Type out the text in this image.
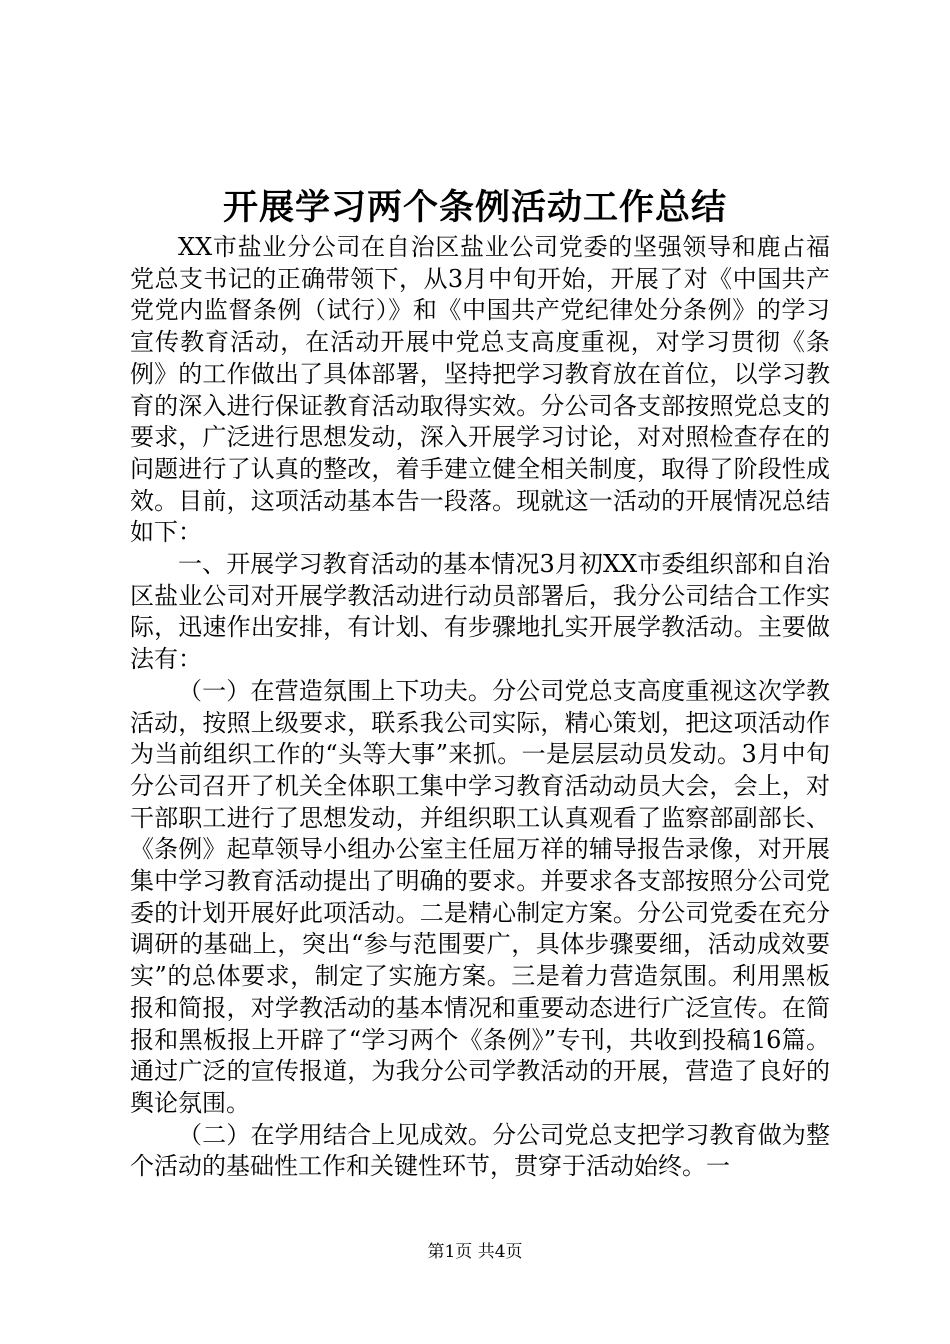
开展学习两个条例活动工作总结

XX市盐业分公司在自治区盐业公司党委的坚强领导和鹿占福党总支书记的正确带领下，从3月中旬开始，开展了对《中国共产党党内监督条例（试行）》和《中国共产党纪律处分条例》的学习宣传教育活动，在活动开展中党总支高度重视，对学习贯彻《条例》的工作做出了具体部署，坚持把学习教育放在首位，以学习教育的深入进行保证教育活动取得实效。分公司各支部按照党总支的要求，广泛进行思想发动，深入开展学习讨论，对对照检查存在的问题进行了认真的整改，着手建立健全相关制度，取得了阶段性成效。目前，这项活动基本告一段落。现就这一活动的开展情况总结如下：

一、开展学习教育活动的基本情况3月初XX市委组织部和自治区盐业公司对开展学教活动进行动员部署后，我分公司结合工作实际，迅速作出安排，有计划、有步骤地扎实开展学教活动。主要做法有：

（一）在营造氛围上下功夫。分公司党总支高度重视这次学教活动，按照上级要求，联系我公司实际，精心策划，把这项活动作为当前组织工作的“头等大事”来抓。一是层层动员发动。3月中旬分公司召开了机关全体职工集中学习教育活动动员大会，会上，对干部职工进行了思想发动，并组织职工认真观看了监察部副部长、《条例》起草领导小组办公室主任屈万祥的辅导报告录像，对开展集中学习教育活动提出了明确的要求。并要求各支部按照分公司党委的计划开展好此项活动。二是精心制定方案。分公司党委在充分调研的基础上，突出“参与范围要广，具体步骤要细，活动成效要实”的总体要求，制定了实施方案。三是着力营造氛围。利用黑板报和简报，对学教活动的基本情况和重要动态进行广泛宣传。在简报和黑板报上开辟了“学习两个《条例》”专刊，共收到投稿16篇。通过广泛的宣传报道，为我分公司学教活动的开展，营造了良好的舆论氛围。

（二）在学用结合上见成效。分公司党总支把学习教育做为整个活动的基础性工作和关键性环节，贯穿于活动始终。一

第1页 共4页
